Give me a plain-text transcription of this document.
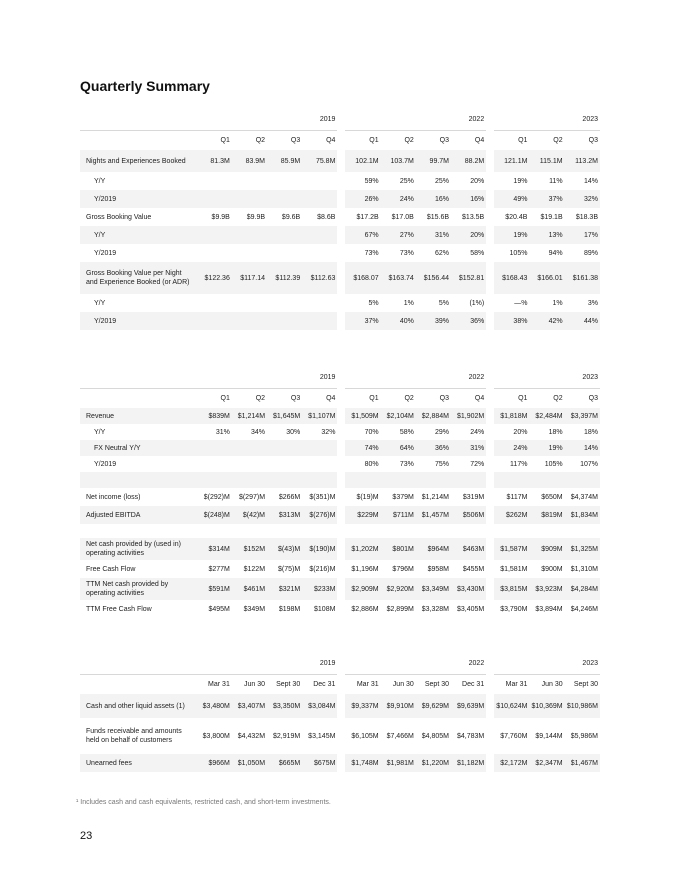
Quarterly Summary
	2019					2022					2023		
	Q1	Q2	Q3	Q4		Q1	Q2	Q3	Q4		Q1	Q2	Q3
Nights and Experiences Booked	81.3M	83.9M	85.9M	75.8M		102.1M	103.7M	99.7M	88.2M		121.1M	115.1M	113.2M
Y/Y						59%	25%	25%	20%		19%	11%	14%
Y/2019						26%	24%	16%	16%		49%	37%	32%
Gross Booking Value	$9.9B	$9.9B	$9.6B	$8.6B		$17.2B	$17.0B	$15.6B	$13.5B		$20.4B	$19.1B	$18.3B
Y/Y						67%	27%	31%	20%		19%	13%	17%
Y/2019						73%	73%	62%	58%		105%	94%	89%
Gross Booking Value per Night and Experience Booked (or ADR)	$122.36	$117.14	$112.39	$112.63		$168.07	$163.74	$156.44	$152.81		$168.43	$166.01	$161.38
Y/Y						5%	1%	5%	(1%)		—%	1%	3%
Y/2019						37%	40%	39%	36%		38%	42%	44%
	2019					2022					2023		
	Q1	Q2	Q3	Q4		Q1	Q2	Q3	Q4		Q1	Q2	Q3
Revenue	$839M	$1,214M	$1,645M	$1,107M		$1,509M	$2,104M	$2,884M	$1,902M		$1,818M	$2,484M	$3,397M
Y/Y	31%	34%	30%	32%		70%	58%	29%	24%		20%	18%	18%
FX Neutral Y/Y						74%	64%	36%	31%		24%	19%	14%
Y/2019						80%	73%	75%	72%		117%	105%	107%

Net income (loss)	$(292)M	$(297)M	$266M	$(351)M		$(19)M	$379M	$1,214M	$319M		$117M	$650M	$4,374M
Adjusted EBITDA	$(248)M	$(42)M	$313M	$(276)M		$229M	$711M	$1,457M	$506M		$262M	$819M	$1,834M

Net cash provided by (used in) operating activities	$314M	$152M	$(43)M	$(190)M		$1,202M	$801M	$964M	$463M		$1,587M	$909M	$1,325M
Free Cash Flow	$277M	$122M	$(75)M	$(216)M		$1,196M	$796M	$958M	$455M		$1,581M	$900M	$1,310M
TTM Net cash provided by operating activities	$591M	$461M	$321M	$233M		$2,909M	$2,920M	$3,349M	$3,430M		$3,815M	$3,923M	$4,284M
TTM Free Cash Flow	$495M	$349M	$198M	$108M		$2,886M	$2,899M	$3,328M	$3,405M		$3,790M	$3,894M	$4,246M
	2019					2022					2023		
	Mar 31	Jun 30	Sept 30	Dec 31		Mar 31	Jun 30	Sept 30	Dec 31		Mar 31	Jun 30	Sept 30
Cash and other liquid assets (1)	$3,480M	$3,407M	$3,350M	$3,084M		$9,337M	$9,910M	$9,629M	$9,639M		$10,624M	$10,369M	$10,986M
Funds receivable and amounts held on behalf of customers	$3,800M	$4,432M	$2,919M	$3,145M		$6,105M	$7,466M	$4,805M	$4,783M		$7,760M	$9,144M	$5,986M
Unearned fees	$966M	$1,050M	$665M	$675M		$1,748M	$1,981M	$1,220M	$1,182M		$2,172M	$2,347M	$1,467M
¹ Includes cash and cash equivalents, restricted cash, and short-term investments.
23
